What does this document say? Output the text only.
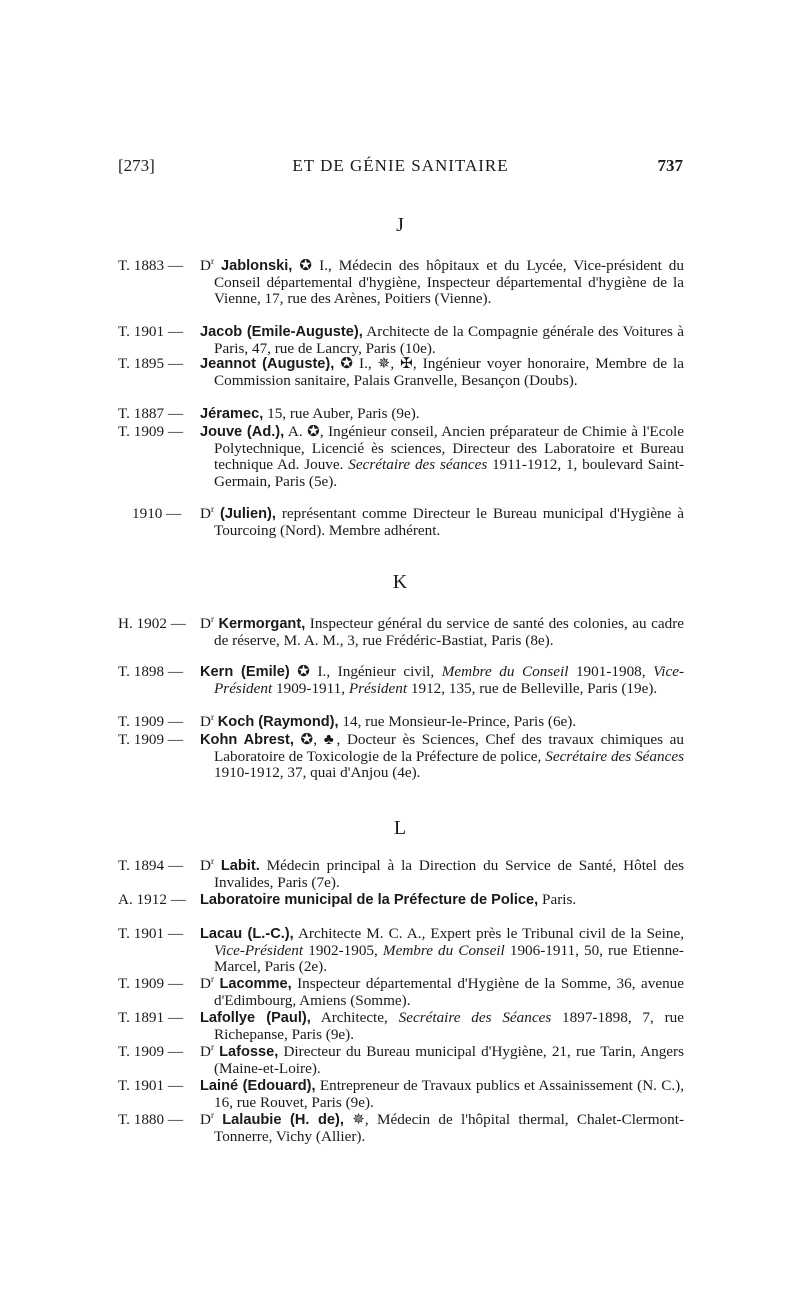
[273]	ET DE GÉNIE SANITAIRE	737
J
T. 1883 — $D^r$ Jablonski, ✪ I., Médecin des hôpitaux et du Lycée, Vice-président du Conseil départemental d'hygiène, Inspecteur départemental d'hygiène de la Vienne, 17, rue des Arènes, Poitiers (Vienne).
T. 1901 — Jacob (Emile-Auguste), Architecte de la Compagnie générale des Voitures à Paris, 47, rue de Lancry, Paris (10e).
T. 1895 — Jeannot (Auguste), ✪ I., ✵, ✠, Ingénieur voyer honoraire, Membre de la Commission sanitaire, Palais Granvelle, Besançon (Doubs).
T. 1887 — Jéramec, 15, rue Auber, Paris (9e).
T. 1909 — Jouve (Ad.), A. ✪, Ingénieur conseil, Ancien préparateur de Chimie à l'Ecole Polytechnique, Licencié ès sciences, Directeur des Laboratoire et Bureau technique Ad. Jouve. Secrétaire des séances 1911-1912, 1, boulevard Saint-Germain, Paris (5e).
1910 — $D^r$ (Julien), représentant comme Directeur le Bureau municipal d'Hygiène à Tourcoing (Nord). Membre adhérent.
K
H. 1902 — $D^r$ Kermorgant, Inspecteur général du service de santé des colonies, au cadre de réserve, M. A. M., 3, rue Frédéric-Bastiat, Paris (8e).
T. 1898 — Kern (Emile) ✪ I., Ingénieur civil, Membre du Conseil 1901-1908, Vice-Président 1909-1911, Président 1912, 135, rue de Belleville, Paris (19e).
T. 1909 — $D^r$ Koch (Raymond), 14, rue Monsieur-le-Prince, Paris (6e).
T. 1909 — Kohn Abrest, ✪, ♣, Docteur ès Sciences, Chef des travaux chimiques au Laboratoire de Toxicologie de la Préfecture de police, Secrétaire des Séances 1910-1912, 37, quai d'Anjou (4e).
L
T. 1894 — $D^r$ Labit. Médecin principal à la Direction du Service de Santé, Hôtel des Invalides, Paris (7e).
A. 1912 — Laboratoire municipal de la Préfecture de Police, Paris.
T. 1901 — Lacau (L.-C.), Architecte M. C. A., Expert près le Tribunal civil de la Seine, Vice-Président 1902-1905, Membre du Conseil 1906-1911, 50, rue Etienne-Marcel, Paris (2e).
T. 1909 — $D^r$ Lacomme, Inspecteur départemental d'Hygiène de la Somme, 36, avenue d'Edimbourg, Amiens (Somme).
T. 1891 — Lafollye (Paul), Architecte, Secrétaire des Séances 1897-1898, 7, rue Richepanse, Paris (9e).
T. 1909 — $D^r$ Lafosse, Directeur du Bureau municipal d'Hygiène, 21, rue Tarin, Angers (Maine-et-Loire).
T. 1901 — Lainé (Edouard), Entrepreneur de Travaux publics et Assainissement (N. C.), 16, rue Rouvet, Paris (9e).
T. 1880 — $D^r$ Lalaubie (H. de), ✵, Médecin de l'hôpital thermal, Chalet-Clermont-Tonnerre, Vichy (Allier).
